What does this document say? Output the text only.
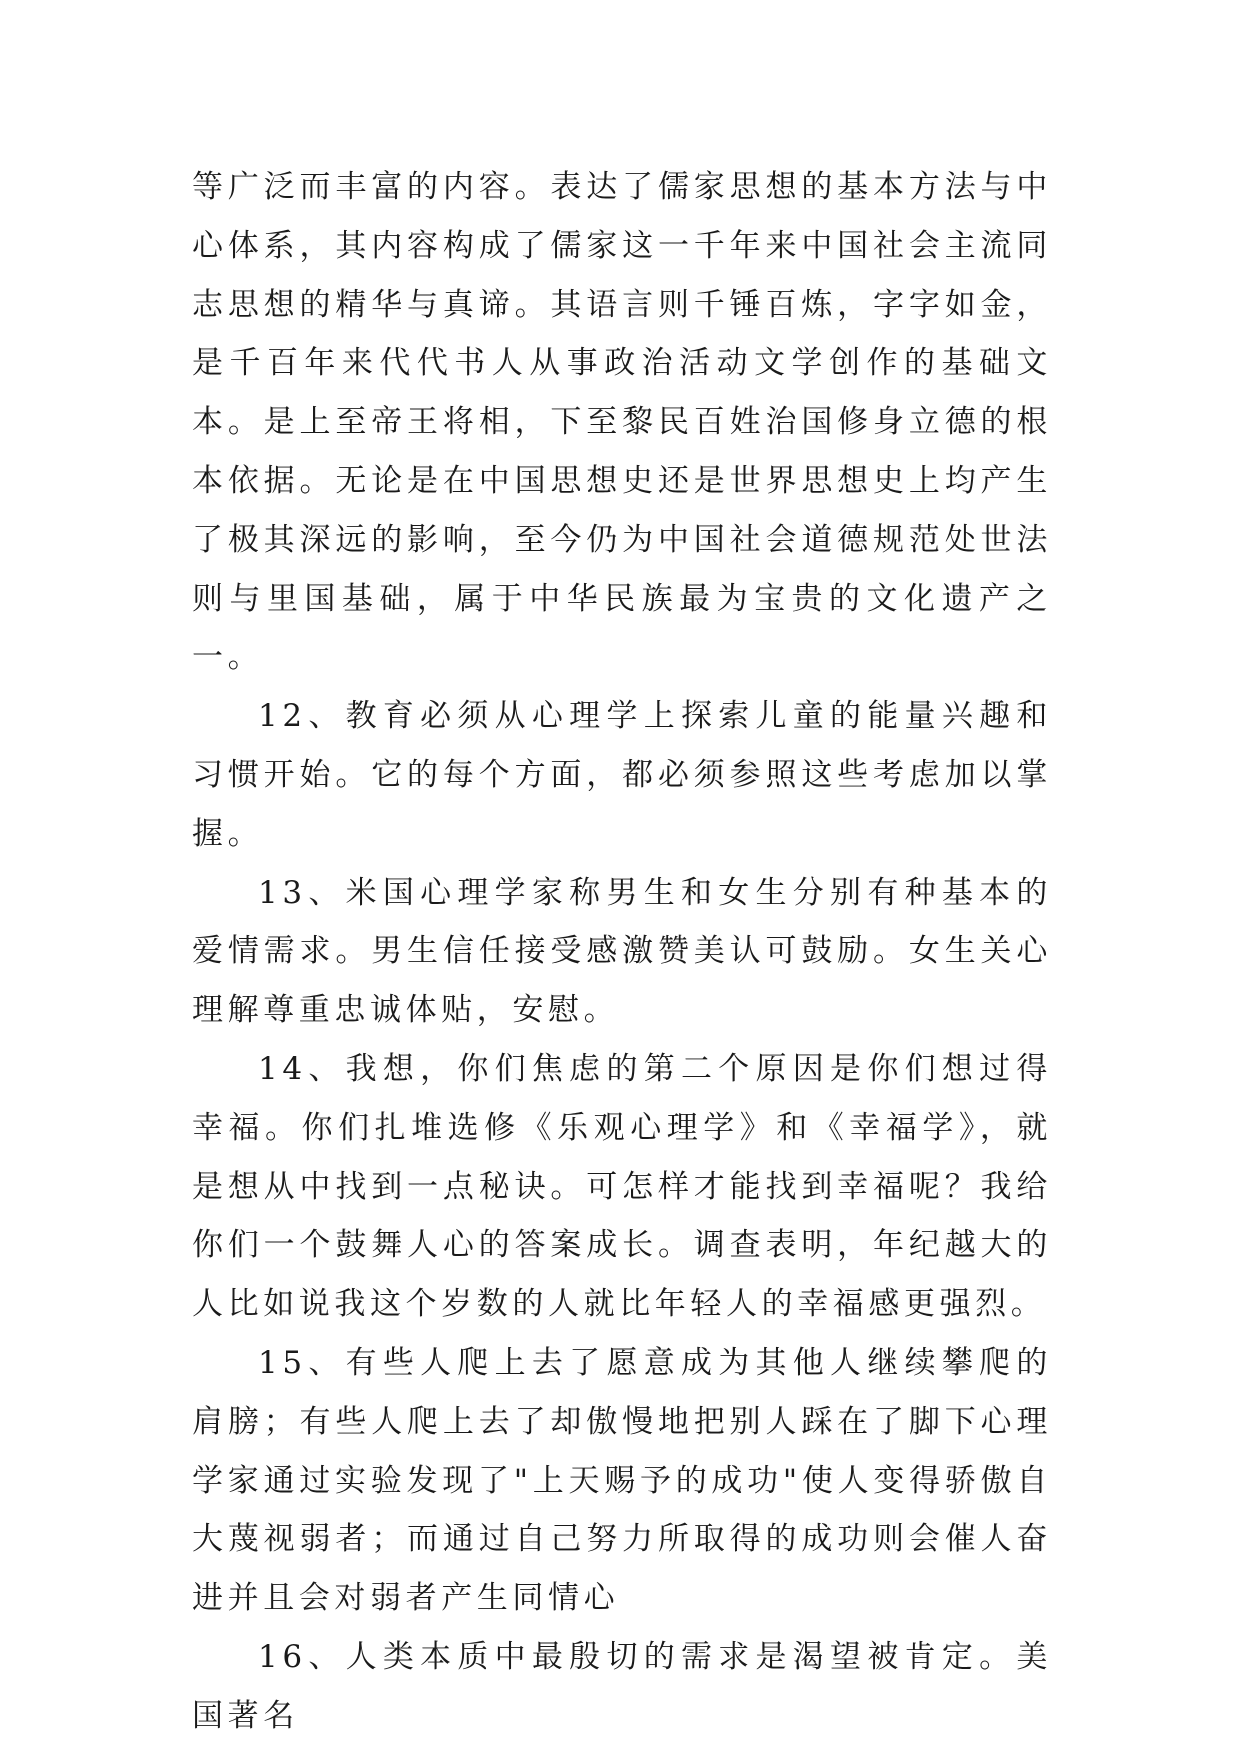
等广泛而丰富的内容。表达了儒家思想的基本方法与中心体系，其内容构成了儒家这一千年来中国社会主流同志思想的精华与真谛。其语言则千锤百炼，字字如金，是千百年来代代书人从事政治活动文学创作的基础文本。是上至帝王将相，下至黎民百姓治国修身立德的根本依据。无论是在中国思想史还是世界思想史上均产生了极其深远的影响，至今仍为中国社会道德规范处世法则与里国基础，属于中华民族最为宝贵的文化遗产之一。

12、教育必须从心理学上探索儿童的能量兴趣和习惯开始。它的每个方面，都必须参照这些考虑加以掌握。

13、米国心理学家称男生和女生分别有种基本的爱情需求。男生信任接受感激赞美认可鼓励。女生关心理解尊重忠诚体贴，安慰。

14、我想，你们焦虑的第二个原因是你们想过得幸福。你们扎堆选修《乐观心理学》和《幸福学》，就是想从中找到一点秘诀。可怎样才能找到幸福呢？我给你们一个鼓舞人心的答案成长。调查表明，年纪越大的人比如说我这个岁数的人就比年轻人的幸福感更强烈。

15、有些人爬上去了愿意成为其他人继续攀爬的肩膀；有些人爬上去了却傲慢地把别人踩在了脚下心理学家通过实验发现了"上天赐予的成功"使人变得骄傲自大蔑视弱者；而通过自己努力所取得的成功则会催人奋进并且会对弱者产生同情心

16、人类本质中最殷切的需求是渴望被肯定。美国著名
